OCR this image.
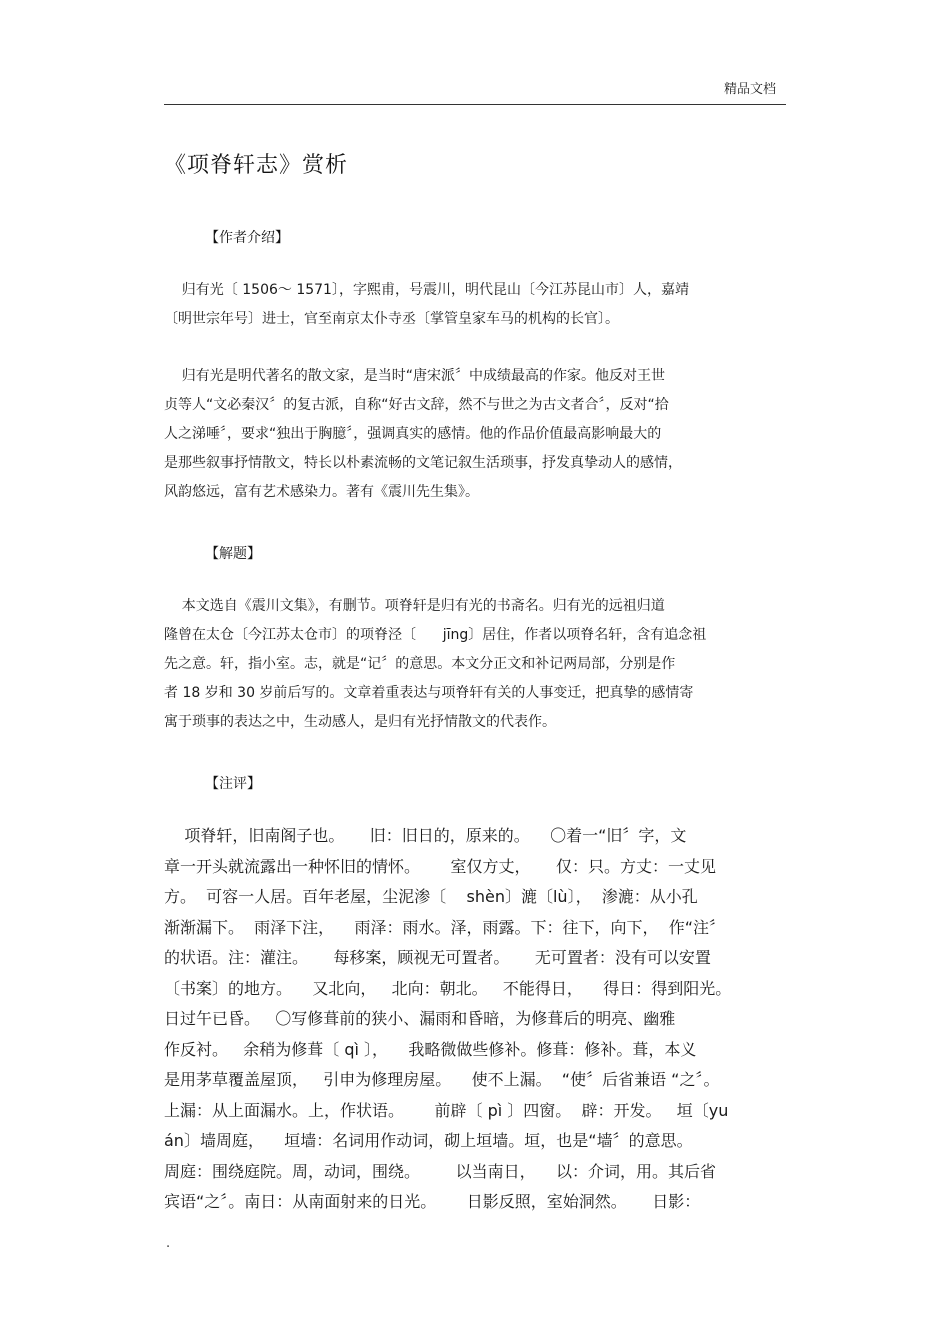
精品文档
《项脊轩志》赏析
【作者介绍】
归有光〔 1506～ 1571〕，字熙甫，号震川，明代昆山〔今江苏昆山市〕人，嘉靖
〔明世宗年号〕进士，官至南京太仆寺丞〔掌管皇家车马的机构的长官〕。
归有光是明代著名的散文家，是当时“唐宋派〞中成绩最高的作家。他反对王世
贞等人“文必秦汉〞的复古派，自称“好古文辞，然不与世之为古文者合〞，反对“拾
人之涕唾〞，要求“独出于胸臆〞，强调真实的感情。他的作品价值最高影响最大的
是那些叙事抒情散文，特长以朴素流畅的文笔记叙生活琐事，抒发真挚动人的感情，
风韵悠远，富有艺术感染力。著有《震川先生集》。
【解题】
本文选自《震川文集》，有删节。项脊轩是归有光的书斋名。归有光的远祖归道
隆曾在太仓〔今江苏太仓市〕的项脊泾〔      jīng〕居住，作者以项脊名轩，含有追念祖
先之意。轩，指小室。志，就是“记〞的意思。本文分正文和补记两局部，分别是作
者 18 岁和 30 岁前后写的。文章着重表达与项脊轩有关的人事变迁，把真挚的感情寄
寓于琐事的表达之中，生动感人，是归有光抒情散文的代表作。
【注评】
项脊轩，旧南阁子也。     旧：旧日的，原来的。    〇着一“旧〞字，文
章一开头就流露出一种怀旧的情怀。      室仅方丈，     仅：只。方丈：一丈见
方。  可容一人居。百年老屋，尘泥渗〔    shèn〕漉〔lù〕，  渗漉：从小孔
渐渐漏下。  雨泽下注，    雨泽：雨水。泽，雨露。下：往下，向下，  作“注〞
的状语。注：灌注。     每移案，顾视无可置者。     无可置者：没有可以安置
〔书案〕的地方。    又北向，   北向：朝北。   不能得日，    得日：得到阳光。
日过午已昏。   〇写修葺前的狭小、漏雨和昏暗，为修葺后的明亮、幽雅
作反衬。   余稍为修葺〔 qì 〕，    我略微做些修补。修葺：修补。葺，本义
是用茅草覆盖屋顶，   引申为修理房屋。    使不上漏。  “使〞后省兼语 “之〞。
上漏：从上面漏水。上，作状语。      前辟〔 pì 〕四窗。  辟：开发。   垣〔yu
án〕墙周庭，    垣墙：名词用作动词，砌上垣墙。垣，也是“墙〞的意思。
周庭：围绕庭院。周，动词，围绕。       以当南日，    以：介词，用。其后省
宾语“之〞。南日：从南面射来的日光。      日影反照，室始洞然。     日影：
.
